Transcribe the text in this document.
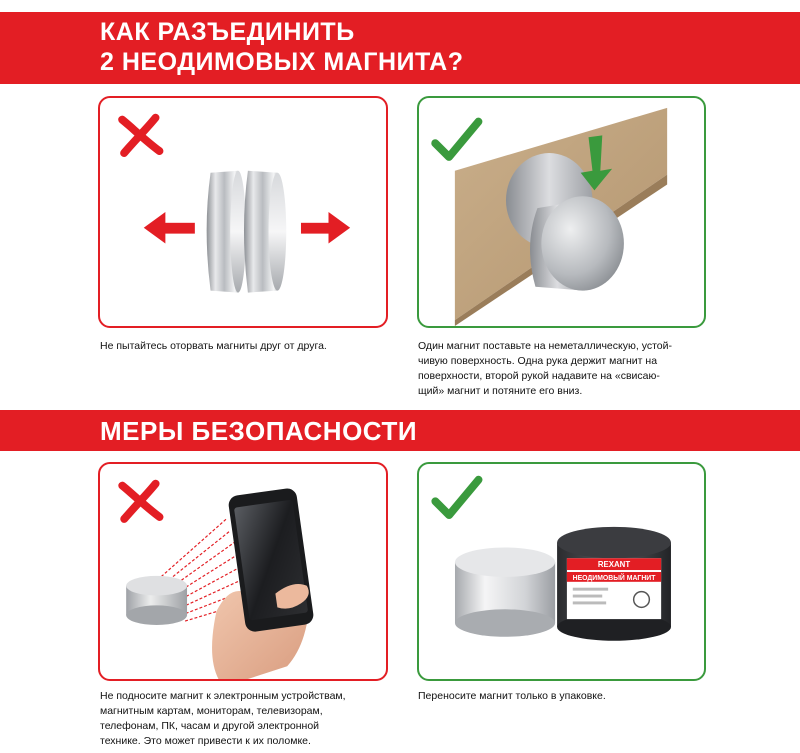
КАК РАЗЪЕДИНИТЬ
2 НЕОДИМОВЫХ МАГНИТА?
Не пытайтесь оторвать магниты друг от друга.	Один магнит поставьте на неметаллическую, устой-
чивую поверхность. Одна рука держит магнит на
поверхности, второй рукой надавите на «свисаю-
щий» магнит и потяните его вниз.
МЕРЫ БЕЗОПАСНОСТИ
REXANT
НЕОДИМОВЫЙ МАГНИТ
Не подносите магнит к электронным устройствам,
магнитным картам, мониторам, телевизорам,
телефонам, ПК, часам и другой электронной
технике. Это может привести к их поломке.
Переносите магнит только в упаковке.
